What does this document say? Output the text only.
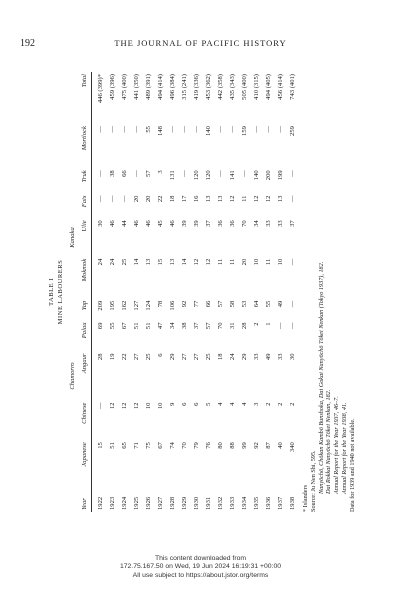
192	THE JOURNAL OF PACIFIC HISTORY
TABLE I MINE LABOURERS
			Chamorro				Kanaka				
Year	Japanese	Chinese	Angaur	Palau	Yap	Mokmok	Ulie	Fais	Truk	Mortlock	Total

1922	15	—	28	69	209	24	30	—	—	—	446 (399)*
1923	51	12	19	55	195	24	46	—	38	—	459 (396)
1924	65	12	22	67	162	25	44	—	66	—	475 (400)
1925	71	12	27	51	127	14	46	20	—	—	441 (350)
1926	75	10	25	51	124	13	46	20	57	55	489 (391)
1927	67	10	6	47	78	15	45	22	3	148	494 (414)
1928	74	9	29	34	106	13	46	18	131	—	496 (384)
1929	70	6	27	38	92	14	39	17	—	—	315 (241)
1930	79	6	27	37	77	12	39	16	120	—	419 (336)
1931	76	5	25	57	66	12	37	13	120	140	453 (362)
1932	80	4	18	70	57	11	36	13	—	—	442 (358)
1933	88	4	24	31	58	11	36	12	141	—	435 (343)
1934	99	4	29	28	53	20	70	11	—	159	505 (400)
1935	92	3	33	2	64	10	34	12	140	—	410 (315)
1936	87	2	49	1	55	11	33	12	200	—	494 (405)
1937	40	2	33	—	49	10	33	13	199	—	456 (414)
1938	340	2	30	—	—	—	37	—	—	259	743 (401)
* Islanders Source: Ju Nen Shi, 595. Nanyōchō, Chōkan Kambō Bunshoka, Dai Gokai Nanyōchō Tōkei Nenkan (Tokyo 1937), 182. Dai Rokkai Nanyōchō Tōkei Nenkan, 182. Annual Report for the Year 1937, 46–7. Annual Report for the Year 1938, 41. Data for 1939 and 1940 not available.
This content downloaded from
172.75.167.50 on Wed, 19 Jun 2024 16:19:31 +00:00
All use subject to https://about.jstor.org/terms
